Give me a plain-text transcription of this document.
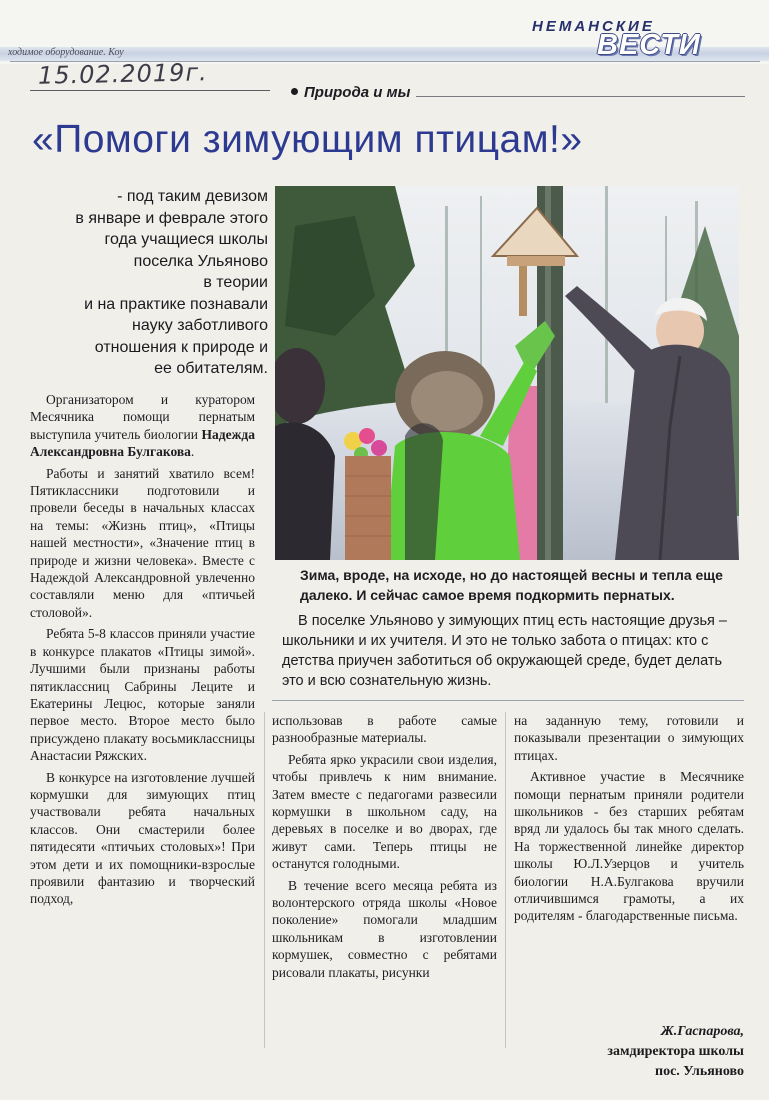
ходимое оборудование. Коу
НЕМАНСКИЕ
ВЕСТИ
15.02.2019г.
Природа и мы
«Помоги зимующим птицам!»
- под таким девизом
в январе и феврале этого
года учащиеся школы
поселка Ульяново
в теории
и на практике познавали
науку заботливого
отношения к природе и
ее обитателям.
Зима, вроде, на исходе, но до настоящей весны и тепла еще далеко. И сейчас самое время подкормить пернатых.
В поселке Ульяново у зимующих птиц есть настоящие друзья – школьники и их учителя. И это не только забота о птицах: кто с детства приучен заботиться об окружающей среде, будет делать это и всю сознательную жизнь.

Организатором и куратором Месячника помощи пернатым выступила учитель биологии Надежда Александровна Булгакова.

Работы и занятий хватило всем! Пятиклассники подготовили и провели беседы в начальных классах на темы: «Жизнь птиц», «Птицы нашей местности», «Значение птиц в природе и жизни человека». Вместе с Надеждой Александровной увлеченно составляли меню для «птичьей столовой».

Ребята 5-8 классов приняли участие в конкурсе плакатов «Птицы зимой». Лучшими были признаны работы пятиклассниц Сабрины Леците и Екатерины Лецюс, которые заняли первое место. Второе место было присуждено плакату восьмиклассницы Анастасии Ряжских.

В конкурсе на изготовление лучшей кормушки для зимующих птиц участвовали ребята начальных классов. Они смастерили более пятидесяти «птичьих столовых»! При этом дети и их помощники-взрослые проявили фантазию и творческий подход,

использовав в работе самые разнообразные материалы.

Ребята ярко украсили свои изделия, чтобы привлечь к ним внимание. Затем вместе с педагогами развесили кормушки в школьном саду, на деревьях в поселке и во дворах, где живут сами. Теперь птицы не останутся голодными.

В течение всего месяца ребята из волонтерского отряда школы «Новое поколение» помогали младшим школьникам в изготовлении кормушек, совместно с ребятами рисовали плакаты, рисунки

на заданную тему, готовили и показывали презентации о зимующих птицах.

Активное участие в Месячнике помощи пернатым приняли родители школьников - без старших ребятам вряд ли удалось бы так много сделать. На торжественной линейке директор школы Ю.Л.Узерцов и учитель биологии Н.А.Булгакова вручили отличившимся грамоты, а их родителям - благодарственные письма.

Ж.Гаспарова,
замдиректора школы
пос. Ульяново
